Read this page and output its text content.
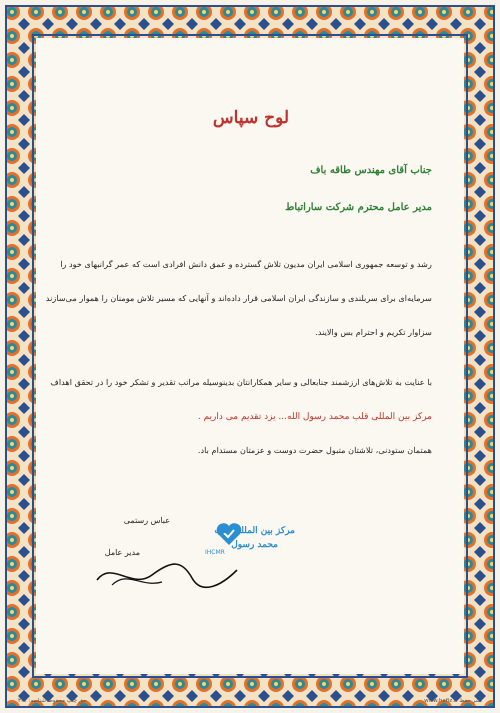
لوح سپاس
جناب آقای مهندس طاقه باف
مدیر عامل محترم شرکت ساراتباط
رشد و توسعه جمهوری اسلامی ایران مدیون تلاش گسترده و عمق دانش افرادی است که عمر گرانبهای خود را
سرمایه‌ای برای سربلندی و سازندگی ایران اسلامی قرار داده‌اند و آنهایی که مسیر تلاش مومنان را هموار می‌سازند
سزاوار تکریم و احترام بس والایند.
با عنایت به تلاش‌های ارزشمند جنابعالی و سایر همکارانتان بدینوسیله مراتب تقدیر و تشکر خود را در تحقق اهداف
مرکز بین المللی قلب محمد رسول الله... یزد تقدیم می داریم .
همتمان ستودنی، تلاشتان متبول حضرت دوست و عزمتان مستدام باد.
عباس رستمی
مدیر عامل	IHCMR
مرکز بین المللی قلب
محمد رسول
حق چاپ محفوظ شناسه: ۳۲۱	www.hafiz.ir نشر حفظ
